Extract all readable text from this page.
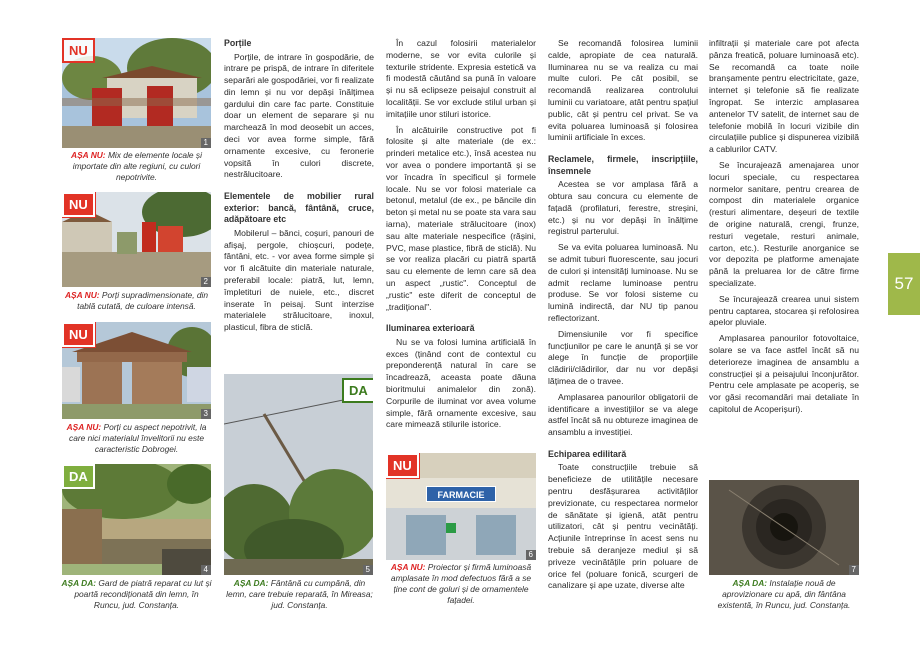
NU
1
AȘA NU: Mix de elemente locale și importate din alte regiuni, cu culori nepotrivite.
NU
2
AȘA NU: Porți supradimensionate, din tablă cutată, de culoare intensă.
NU
3
AȘA NU: Porți cu aspect nepotrivit, la care nici materialul învelitorii nu este caracteristic Dobrogei.
DA
4
AȘA DA: Gard de piatră reparat cu lut și poartă recondiționată din lemn, în Runcu, jud. Constanța.
Porțile

Porțile, de intrare în gospodărie, de intrare pe prispă, de intrare în diferitele separări ale gospodăriei, vor fi realizate din lemn și nu vor depăși înălțimea gardului din care fac parte. Constituie doar un element de separare și nu marchează în mod deosebit un acces, deci vor avea forme simple, fără ornamente excesive, cu feronerie vopsită în culori discrete, nestrălucitoare.

Elementele de mobilier rural exterior: bancă, fântână, cruce, adăpătoare etc

Mobilerul – bănci, coșuri, panouri de afișaj, pergole, chioșcuri, podețe, fântâni, etc. - vor avea forme simple și vor fi alcătuite din materiale naturale, preferabil locale: piatră, lut, lemn, împletituri de nuiele, etc., discret inserate în peisaj. Sunt interzise materialele strălucitoare, inoxul, plasticul, fibra de sticlă.

DA
5
AȘA DA: Fântână cu cumpănă, din lemn, care trebuie reparată, în Mireasa; jud. Constanța.

În cazul folosirii materialelor moderne, se vor evita culorile și texturile stridente. Expresia estetică va fi modestă căutând sa pună în valoare și nu să eclipseze peisajul construit al localității. Se vor exclude stilul urban și imitațiile unor stiluri istorice.

În alcătuirile constructive pot fi folosite și alte materiale (de ex.: prinderi metalice etc.), însă acestea nu vor avea o pondere importantă și se vor încadra în specificul și formele locale. Nu se vor folosi materiale ca betonul, metalul (de ex., pe băncile din beton și metal nu se poate sta vara sau iarna), materiale strălucitoare (inox) sau alte materiale nespecifice (rășini, PVC, mase plastice, fibră de sticlă). Nu se vor realiza placări cu piatră spartă sau cu elemente de lemn care să dea un aspect „rustic". Conceptul de „rustic" este diferit de conceptul de „tradițional".

Iluminarea exterioară

Nu se va folosi lumina artificială în exces (ținând cont de contextul cu preponderență natural în care se încadrează, aceasta poate dăuna bioritmului animalelor din zonă). Corpurile de iluminat vor avea volume simple, fără ornamente excesive, sau care mimează stilurile istorice.

FARMACIE
NU
6
AȘA NU: Proiector și firmă luminoasă amplasate în mod defectuos fără a se ține cont de goluri și de ornamentele fațadei.

Se recomandă folosirea luminii calde, apropiate de cea naturală. Iluminarea nu se va realiza cu mai multe culori. Pe cât posibil, se recomandă realizarea controlului luminii cu variatoare, atât pentru spațiul public, cât și pentru cel privat. Se va evita poluarea luminoasă și folosirea luminii artificiale în exces.

Reclamele, firmele, inscripțiile, însemnele

Acestea se vor amplasa fără a obtura sau concura cu elemente de fațadă (profilaturi, ferestre, streșini, etc.) și nu vor depăși în înălțime registrul parterului.

Se va evita poluarea luminoasă. Nu se admit tuburi fluorescente, sau jocuri de culori și intensități luminoase. Nu se admit reclame luminoase pentru produse. Se vor folosi sisteme cu lumină indirectă, dar NU tip panou reflectorizant.

Dimensiunile vor fi specifice funcțiunilor pe care le anunță și se vor alege în funcție de proporțiile clădirii/clădirilor, dar nu vor depăși lățimea de o travee.

Amplasarea panourilor obligatorii de identificare a investițiilor se va alege astfel încât să nu obtureze imaginea de ansamblu a investiției.

Echiparea edilitară

Toate construcțiile trebuie să beneficieze de utilitățile necesare pentru desfășurarea activităților previzionate, cu respectarea normelor de sănătate și igienă, atât pentru utilizatori, cât și pentru vecinătăți. Acțiunile întreprinse în acest sens nu trebuie să deranjeze mediul și să priveze vecinătățile prin poluare de orice fel (poluare fonică, scurgeri de canalizare și ape uzate, diverse alte

infiltrații și materiale care pot afecta pânza freatică, poluare luminoasă etc). Se recomandă ca toate noile branșamente pentru electricitate, gaze, internet și telefonie să fie realizate îngropat. Se interzic amplasarea antenelor TV satelit, de internet sau de telefonie mobilă în locuri vizibile din circulațiile publice și dispunerea vizibilă a cablurilor CATV.

Se încurajează amenajarea unor locuri speciale, cu respectarea normelor sanitare, pentru crearea de compost din materialele organice (resturi alimentare, deșeuri de textile de origine naturală, crengi, frunze, resturi vegetale, resturi animale, carton, etc.). Resturile anorganice se vor depozita pe platforme amenajate până la preluarea lor de către firme specializate.

Se încurajează crearea unui sistem pentru captarea, stocarea și refolosirea apelor pluviale.

Amplasarea panourilor fotovoltaice, solare se va face astfel încât să nu deterioreze imaginea de ansamblu a construcției și a peisajului înconjurător. Pentru cele amplasate pe acoperiș, se vor găsi recomandări mai detaliate în capitolul de Acoperișuri).

7
AȘA DA: Instalație nouă de aprovizionare cu apă, din fântâna existentă, în Runcu, jud. Constanța.
57
